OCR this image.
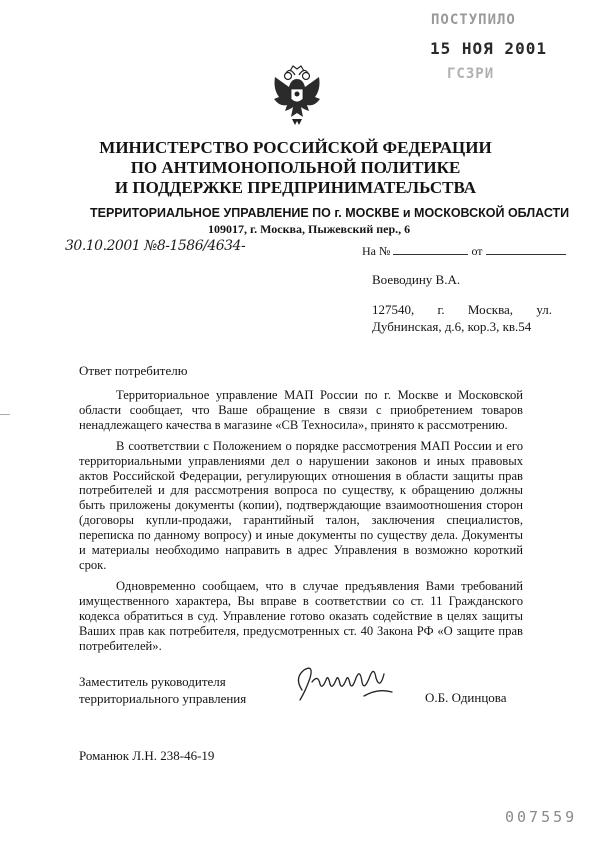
ПОСТУПИЛО
15 НОЯ 2001
ГСЗРИ
МИНИСТЕРСТВО РОССИЙСКОЙ ФЕДЕРАЦИИ
ПО АНТИМОНОПОЛЬНОЙ ПОЛИТИКЕ
И ПОДДЕРЖКЕ ПРЕДПРИНИМАТЕЛЬСТВА
ТЕРРИТОРИАЛЬНОЕ УПРАВЛЕНИЕ ПО г. МОСКВЕ и МОСКОВСКОЙ ОБЛАСТИ
109017, г. Москва, Пыжевский пер., 6
30.10.2001 №8-1586/4634-	На №	от
Воеводину В.А.
127540, г. Москва, ул. Дубнинская, д.6, кор.3, кв.54
Ответ потребителю

Территориальное управление МАП России по г. Москве и Московской области сообщает, что Ваше обращение в связи с приобретением товаров ненадлежащего качества в магазине «СВ Техносила», принято к рассмотрению.

В соответствии с Положением о порядке рассмотрения МАП России и его территориальными управлениями дел о нарушении законов и иных правовых актов Российской Федерации, регулирующих отношения в области защиты прав потребителей и для рассмотрения вопроса по существу, к обращению должны быть приложены документы (копии), подтверждающие взаимоотношения сторон (договоры купли-продажи, гарантийный талон, заключения специалистов, переписка по данному вопросу) и иные документы по существу дела. Документы и материалы необходимо направить в адрес Управления в возможно короткий срок.

Одновременно сообщаем, что в случае предъявления Вами требований имущественного характера, Вы вправе в соответствии со ст. 11 Гражданского кодекса обратиться в суд. Управление готово оказать содействие в целях защиты Ваших прав как потребителя, предусмотренных ст. 40 Закона РФ «О защите прав потребителей».

Заместитель руководителя
территориального управления	О.Б. Одинцова
Романюк Л.Н. 238-46-19
007559
